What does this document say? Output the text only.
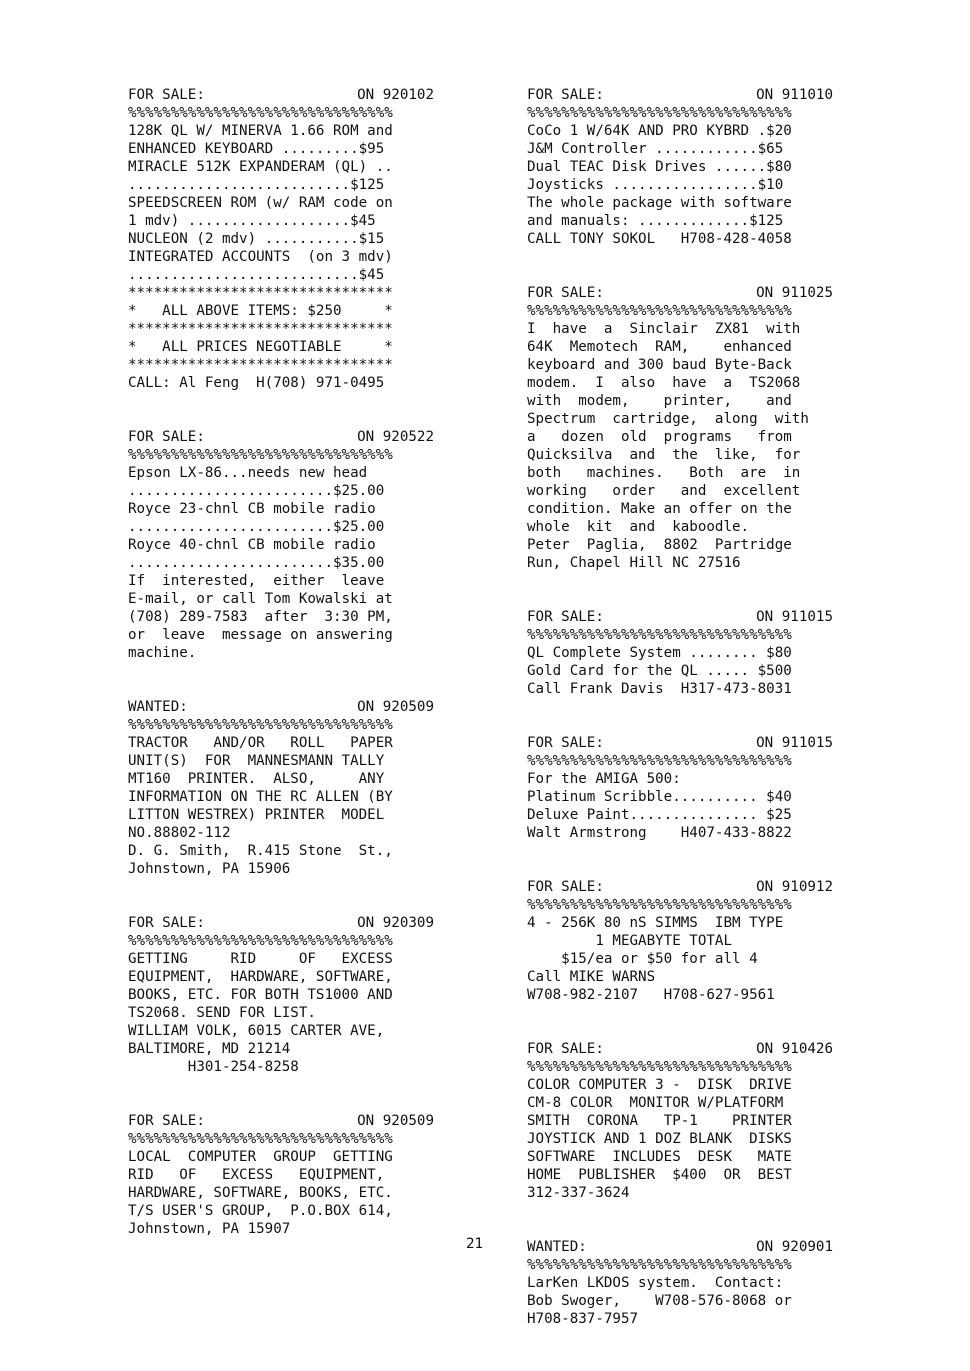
FOR SALE:	ON 920102
%%%%%%%%%%%%%%%%%%%%%%%%%%%%%%%
128K QL W/ MINERVA 1.66 ROM and
ENHANCED KEYBOARD .........$95
MIRACLE 512K EXPANDERAM (QL) ..
..........................$125
SPEEDSCREEN ROM (w/ RAM code on
1 mdv) ...................$45
NUCLEON (2 mdv) ...........$15
INTEGRATED ACCOUNTS  (on 3 mdv)
...........................$45
*******************************
*   ALL ABOVE ITEMS: $250     *
*******************************
*   ALL PRICES NEGOTIABLE     *
*******************************
CALL: Al Feng  H(708) 971-0495
FOR SALE:	ON 920522
%%%%%%%%%%%%%%%%%%%%%%%%%%%%%%%
Epson LX-86...needs new head
........................$25.00
Royce 23-chnl CB mobile radio
........................$25.00
Royce 40-chnl CB mobile radio
........................$35.00
If  interested,  either  leave
E-mail, or call Tom Kowalski at
(708) 289-7583  after  3:30 PM,
or  leave  message on answering
machine.
WANTED:	ON 920509
%%%%%%%%%%%%%%%%%%%%%%%%%%%%%%%
TRACTOR   AND/OR   ROLL   PAPER
UNIT(S)  FOR  MANNESMANN TALLY
MT160  PRINTER.  ALSO,     ANY
INFORMATION ON THE RC ALLEN (BY
LITTON WESTREX) PRINTER  MODEL
NO.88802-112
D. G. Smith,  R.415 Stone  St.,
Johnstown, PA 15906
FOR SALE:	ON 920309
%%%%%%%%%%%%%%%%%%%%%%%%%%%%%%%
GETTING     RID     OF   EXCESS
EQUIPMENT,  HARDWARE, SOFTWARE,
BOOKS, ETC. FOR BOTH TS1000 AND
TS2068. SEND FOR LIST.
WILLIAM VOLK, 6015 CARTER AVE,
BALTIMORE, MD 21214
H301-254-8258
FOR SALE:	ON 920509
%%%%%%%%%%%%%%%%%%%%%%%%%%%%%%%
LOCAL  COMPUTER  GROUP  GETTING
RID   OF   EXCESS   EQUIPMENT,
HARDWARE, SOFTWARE, BOOKS, ETC.
T/S USER'S GROUP,  P.O.BOX 614,
Johnstown, PA 15907
FOR SALE:	ON 911010
%%%%%%%%%%%%%%%%%%%%%%%%%%%%%%%
CoCo 1 W/64K AND PRO KYBRD .$20
J&M Controller ............$65
Dual TEAC Disk Drives ......$80
Joysticks .................$10
The whole package with software
and manuals: .............$125
CALL TONY SOKOL   H708-428-4058
FOR SALE:	ON 911025
%%%%%%%%%%%%%%%%%%%%%%%%%%%%%%%
I  have  a  Sinclair  ZX81  with
64K  Memotech  RAM,    enhanced
keyboard and 300 baud Byte-Back
modem.  I  also  have  a  TS2068
with  modem,    printer,    and
Spectrum  cartridge,  along  with
a   dozen  old  programs   from
Quicksilva  and  the  like,  for
both   machines.   Both  are  in
working   order   and  excellent
condition. Make an offer on the
whole  kit  and  kaboodle.
Peter  Paglia,  8802  Partridge
Run, Chapel Hill NC 27516
FOR SALE:	ON 911015
%%%%%%%%%%%%%%%%%%%%%%%%%%%%%%%
QL Complete System ........ $80
Gold Card for the QL ..... $500
Call Frank Davis  H317-473-8031
FOR SALE:	ON 911015
%%%%%%%%%%%%%%%%%%%%%%%%%%%%%%%
For the AMIGA 500:
Platinum Scribble.......... $40
Deluxe Paint............... $25
Walt Armstrong    H407-433-8822
FOR SALE:	ON 910912
%%%%%%%%%%%%%%%%%%%%%%%%%%%%%%%
4 - 256K 80 nS SIMMS  IBM TYPE
1 MEGABYTE TOTAL
$15/ea or $50 for all 4
Call MIKE WARNS
W708-982-2107   H708-627-9561
FOR SALE:	ON 910426
%%%%%%%%%%%%%%%%%%%%%%%%%%%%%%%
COLOR COMPUTER 3 -  DISK  DRIVE
CM-8 COLOR  MONITOR W/PLATFORM
SMITH  CORONA   TP-1    PRINTER
JOYSTICK AND 1 DOZ BLANK  DISKS
SOFTWARE  INCLUDES  DESK   MATE
HOME  PUBLISHER  $400  OR  BEST
312-337-3624
WANTED:	ON 920901
%%%%%%%%%%%%%%%%%%%%%%%%%%%%%%%
LarKen LKDOS system.  Contact:
Bob Swoger,    W708-576-8068 or
H708-837-7957
21
